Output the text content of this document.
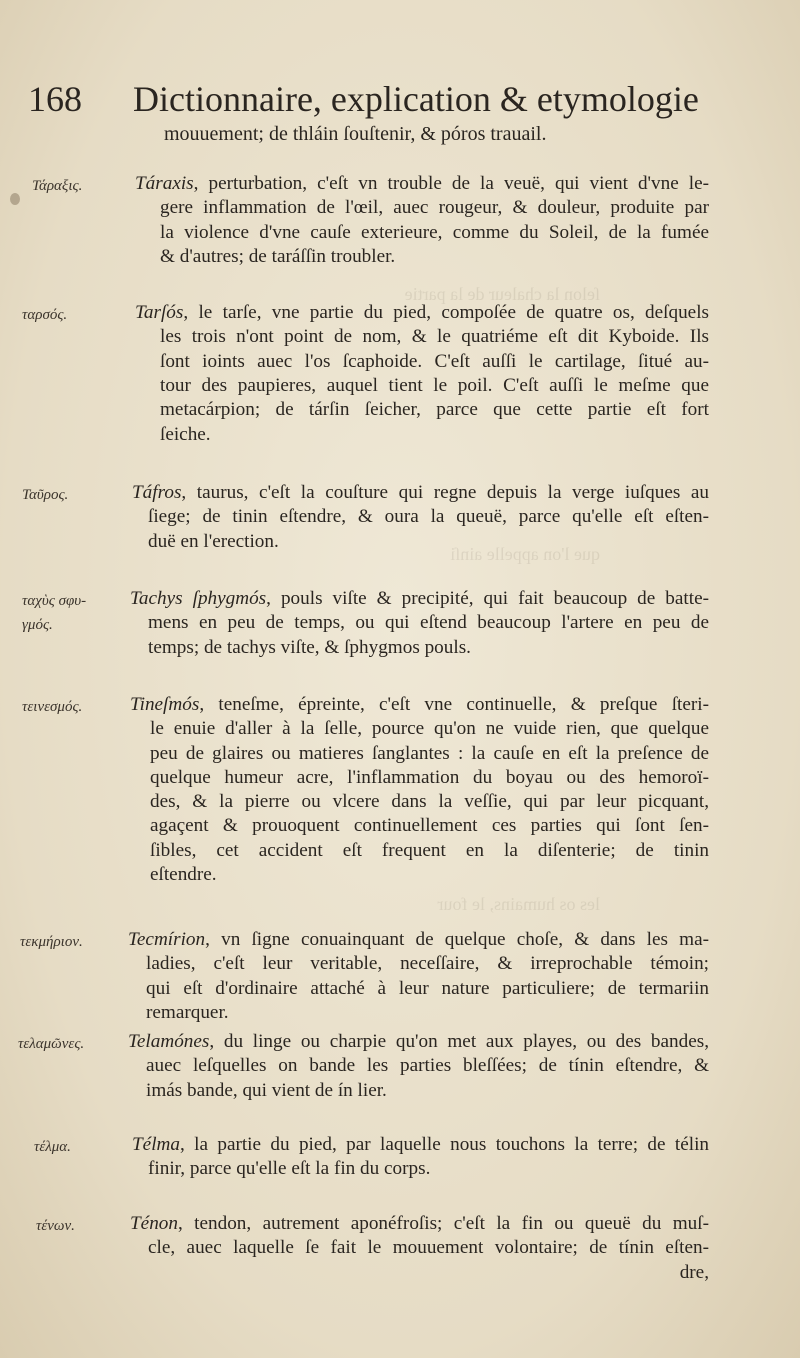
ſelon la chaleur de la partie
que l'on appelle ainſi
les os humains, le four
168 Dictionnaire, explication & etymologie
mouuement; de thláin ſouſtenir, & póros trauail.
Τάραξις.	Táraxis, perturbation, c'eſt vn trouble de la veuë, qui vient d'vne le-
gere inflammation de l'œil, auec rougeur, & douleur, produite par
la violence d'vne cauſe exterieure, comme du Soleil, de la fumée
& d'autres; de taráſſin troubler.
ταρσός.	Tarſós, le tarſe, vne partie du pied, compoſée de quatre os, deſquels
les trois n'ont point de nom, & le quatriéme eſt dit Kyboide. Ils
ſont ioints auec l'os ſcaphoide. C'eſt auſſi le cartilage, ſitué au-
tour des paupieres, auquel tient le poil. C'eſt auſſi le meſme que
metacárpion; de tárſin ſeicher, parce que cette partie eſt fort
ſeiche.
Ταῦρος.	Táfros, taurus, c'eſt la couſture qui regne depuis la verge iuſques au
ſiege; de tinin eſtendre, & oura la queuë, parce qu'elle eſt eſten-
duë en l'erection.
ταχὺς σφυ-
γμός.
Tachys ſphygmós, pouls viſte & precipité, qui fait beaucoup de batte-
mens en peu de temps, ou qui eſtend beaucoup l'artere en peu de
temps; de tachys viſte, & ſphygmos pouls.
τεινεσμός. Tineſmós, teneſme, épreinte, c'eſt vne continuelle, & preſque ſteri-
le enuie d'aller à la ſelle, pource qu'on ne vuide rien, que quelque
peu de glaires ou matieres ſanglantes : la cauſe en eſt la preſence de
quelque humeur acre, l'inflammation du boyau ou des hemoroï-
des, & la pierre ou vlcere dans la veſſie, qui par leur picquant,
agaçent & prouoquent continuellement ces parties qui ſont ſen-
ſibles, cet accident eſt frequent en la diſenterie; de tinin
eſtendre.
τεκμήριον. Tecmírion, vn ſigne conuainquant de quelque choſe, & dans les ma-
ladies, c'eſt leur veritable, neceſſaire, & irreprochable témoin;
qui eſt d'ordinaire attaché à leur nature particuliere; de termariin
remarquer.
τελαμῶνες. Telamónes, du linge ou charpie qu'on met aux playes, ou des bandes,
auec leſquelles on bande les parties bleſſées; de tínin eſtendre, &
imás bande, qui vient de ín lier.
τέλμα.	Télma, la partie du pied, par laquelle nous touchons la terre; de télin
finir, parce qu'elle eſt la fin du corps.
τένων.	Ténon, tendon, autrement aponéfroſis; c'eſt la fin ou queuë du muſ-
cle, auec laquelle ſe fait le mouuement volontaire; de tínin eſten-
dre,
